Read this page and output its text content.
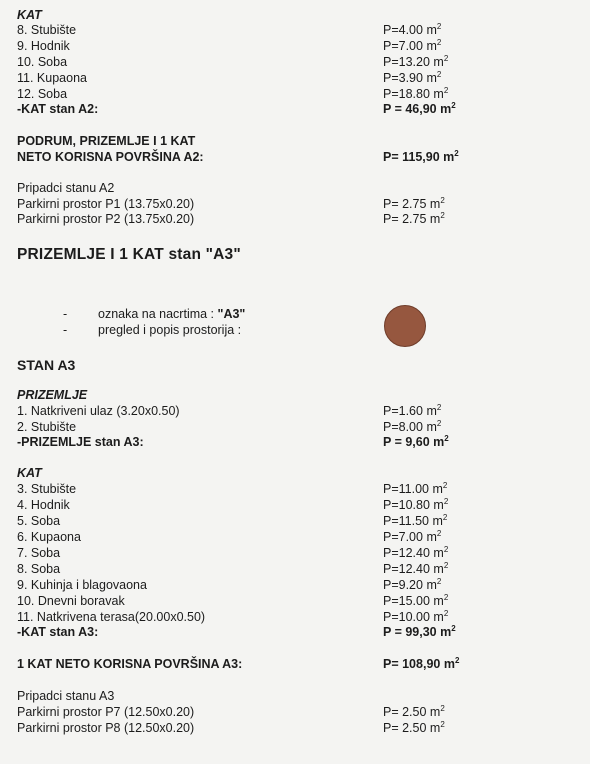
KAT
8. Stubište	P=4.00 $m^2$
9. Hodnik	P=7.00 $m^2$
10. Soba	P=13.20 $m^2$
11. Kupaona	P=3.90 $m^2$
12. Soba	P=18.80 $m^2$
-KAT stan A2:	P = 46,90 $m^2$
PODRUM, PRIZEMLJE I 1 KAT
NETO KORISNA POVRŠINA A2:	P= 115,90 $m^2$
Pripadci stanu A2
Parkirni prostor P1 (13.75x0.20)	P= 2.75 $m^2$
Parkirni prostor P2 (13.75x0.20)	P= 2.75 $m^2$
PRIZEMLJE I 1 KAT stan "A3"
- oznaka na nacrtima : "A3"
- pregled i popis prostorija :
STAN A3
PRIZEMLJE
1. Natkriveni ulaz (3.20x0.50)	P=1.60 $m^2$
2. Stubište	P=8.00 $m^2$
-PRIZEMLJE stan A3:	P = 9,60 $m^2$
KAT
3. Stubište	P=11.00 $m^2$
4. Hodnik	P=10.80 $m^2$
5. Soba	P=11.50 $m^2$
6. Kupaona	P=7.00 $m^2$
7. Soba	P=12.40 $m^2$
8. Soba	P=12.40 $m^2$
9. Kuhinja i blagovaona	P=9.20 $m^2$
10. Dnevni boravak	P=15.00 $m^2$
11. Natkrivena terasa(20.00x0.50)	P=10.00 $m^2$
-KAT stan A3:	P = 99,30 $m^2$
1 KAT NETO KORISNA POVRŠINA A3:	P= 108,90 $m^2$
Pripadci stanu A3
Parkirni prostor P7 (12.50x0.20)	P= 2.50 $m^2$
Parkirni prostor P8 (12.50x0.20)	P= 2.50 $m^2$
